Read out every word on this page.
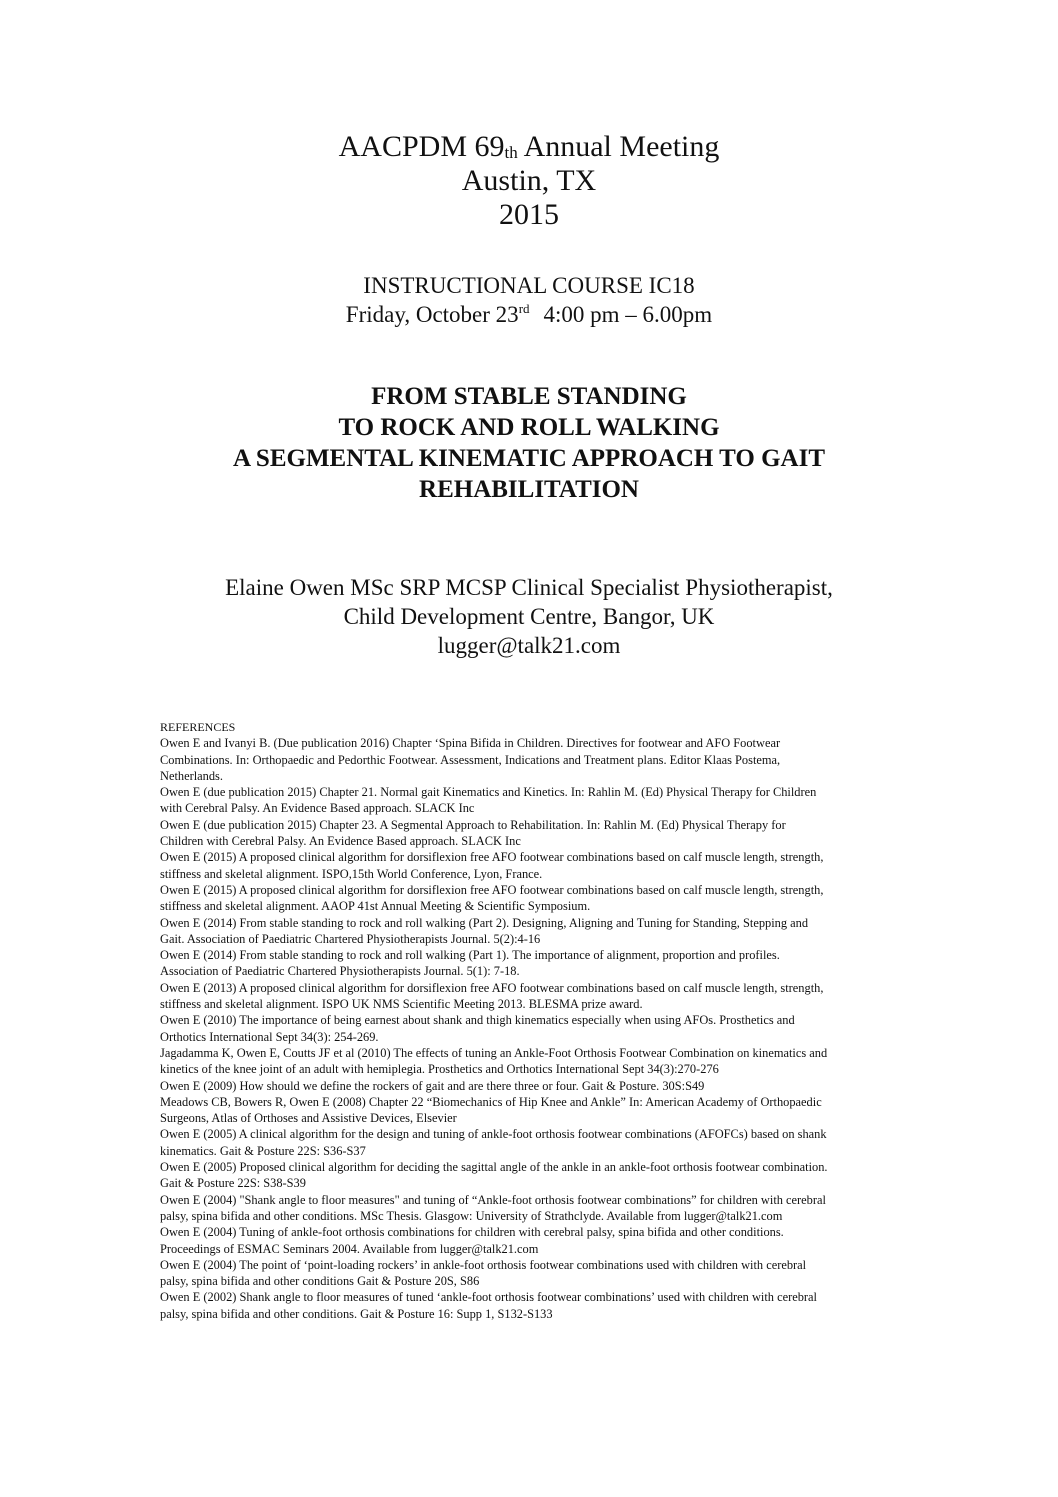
AACPDM $69_{th}$ Annual Meeting
Austin, TX
2015
INSTRUCTIONAL COURSE IC18
Friday, October 23rd 4:00 pm – 6.00pm
FROM STABLE STANDING
TO ROCK AND ROLL WALKING
A SEGMENTAL KINEMATIC APPROACH TO GAIT
REHABILITATION
Elaine Owen MSc SRP MCSP Clinical Specialist Physiotherapist,
Child Development Centre, Bangor, UK
lugger@talk21.com
REFERENCES
Owen E and Ivanyi B. (Due publication 2016) Chapter ‘Spina Bifida in Children. Directives for footwear and AFO Footwear
Combinations. In: Orthopaedic and Pedorthic Footwear. Assessment, Indications and Treatment plans. Editor Klaas Postema,
Netherlands.
Owen E (due publication 2015) Chapter 21. Normal gait Kinematics and Kinetics. In: Rahlin M. (Ed) Physical Therapy for Children
with Cerebral Palsy. An Evidence Based approach. SLACK Inc
Owen E (due publication 2015) Chapter 23. A Segmental Approach to Rehabilitation. In: Rahlin M. (Ed) Physical Therapy for
Children with Cerebral Palsy. An Evidence Based approach. SLACK Inc
Owen E (2015) A proposed clinical algorithm for dorsiflexion free AFO footwear combinations based on calf muscle length, strength,
stiffness and skeletal alignment. ISPO,15th World Conference, Lyon, France.
Owen E (2015) A proposed clinical algorithm for dorsiflexion free AFO footwear combinations based on calf muscle length, strength,
stiffness and skeletal alignment. AAOP 41st Annual Meeting & Scientific Symposium.
Owen E (2014) From stable standing to rock and roll walking (Part 2). Designing, Aligning and Tuning for Standing, Stepping and
Gait. Association of Paediatric Chartered Physiotherapists Journal. 5(2):4-16
Owen E (2014) From stable standing to rock and roll walking (Part 1). The importance of alignment, proportion and profiles.
Association of Paediatric Chartered Physiotherapists Journal. 5(1): 7-18.
Owen E (2013) A proposed clinical algorithm for dorsiflexion free AFO footwear combinations based on calf muscle length, strength,
stiffness and skeletal alignment. ISPO UK NMS Scientific Meeting 2013. BLESMA prize award.
Owen E (2010) The importance of being earnest about shank and thigh kinematics especially when using AFOs. Prosthetics and
Orthotics International Sept 34(3): 254-269.
Jagadamma K, Owen E, Coutts JF et al (2010) The effects of tuning an Ankle-Foot Orthosis Footwear Combination on kinematics and
kinetics of the knee joint of an adult with hemiplegia. Prosthetics and Orthotics International Sept 34(3):270-276
Owen E (2009) How should we define the rockers of gait and are there three or four. Gait & Posture. 30S:S49
Meadows CB, Bowers R, Owen E (2008) Chapter 22 “Biomechanics of Hip Knee and Ankle” In: American Academy of Orthopaedic
Surgeons, Atlas of Orthoses and Assistive Devices, Elsevier
Owen E (2005) A clinical algorithm for the design and tuning of ankle-foot orthosis footwear combinations (AFOFCs) based on shank
kinematics. Gait & Posture 22S: S36-S37
Owen E (2005) Proposed clinical algorithm for deciding the sagittal angle of the ankle in an ankle-foot orthosis footwear combination.
Gait & Posture 22S: S38-S39
Owen E (2004) "Shank angle to floor measures" and tuning of “Ankle-foot orthosis footwear combinations” for children with cerebral
palsy, spina bifida and other conditions. MSc Thesis. Glasgow: University of Strathclyde. Available from lugger@talk21.com
Owen E (2004) Tuning of ankle-foot orthosis combinations for children with cerebral palsy, spina bifida and other conditions.
Proceedings of ESMAC Seminars 2004. Available from lugger@talk21.com
Owen E (2004) The point of ‘point-loading rockers’ in ankle-foot orthosis footwear combinations used with children with cerebral
palsy, spina bifida and other conditions Gait & Posture 20S, S86
Owen E (2002) Shank angle to floor measures of tuned ‘ankle-foot orthosis footwear combinations’ used with children with cerebral
palsy, spina bifida and other conditions. Gait & Posture 16: Supp 1, S132-S133
